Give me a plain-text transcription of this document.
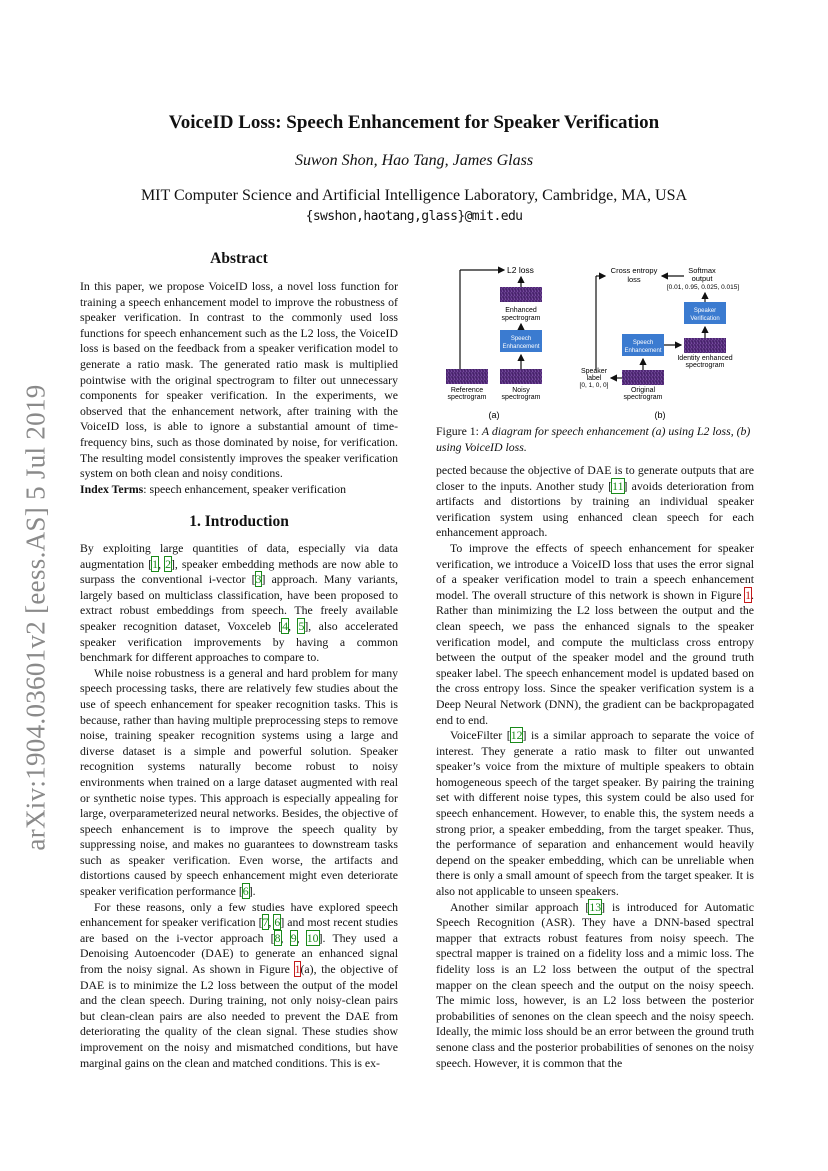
arXiv:1904.03601v2 [eess.AS] 5 Jul 2019
VoiceID Loss: Speech Enhancement for Speaker Verification
Suwon Shon, Hao Tang, James Glass
MIT Computer Science and Artificial Intelligence Laboratory, Cambridge, MA, USA
{swshon,haotang,glass}@mit.edu
Abstract

In this paper, we propose VoiceID loss, a novel loss function for training a speech enhancement model to improve the robustness of speaker verification. In contrast to the commonly used loss functions for speech enhancement such as the L2 loss, the VoiceID loss is based on the feedback from a speaker verification model to generate a ratio mask. The generated ratio mask is multiplied pointwise with the original spectrogram to filter out unnecessary components for speaker verification. In the experiments, we observed that the enhancement network, after training with the VoiceID loss, is able to ignore a substantial amount of time-frequency bins, such as those dominated by noise, for verification. The resulting model consistently improves the speaker verification system on both clean and noisy conditions.

Index Terms: speech enhancement, speaker verification

1. Introduction

By exploiting large quantities of data, especially via data augmentation [1, 2], speaker embedding methods are now able to surpass the conventional i-vector [3] approach. Many variants, largely based on multiclass classification, have been proposed to extract robust embeddings from speech. The freely available speaker recognition dataset, Voxceleb [4, 5], also accelerated speaker verification improvements by having a common benchmark for different approaches to compare to.

While noise robustness is a general and hard problem for many speech processing tasks, there are relatively few studies about the use of speech enhancement for speaker recognition tasks. This is because, rather than having multiple preprocessing steps to remove noise, training speaker recognition systems using a large and diverse dataset is a simple and powerful solution. Speaker recognition systems naturally become robust to noisy environments when trained on a large dataset augmented with real or synthetic noise types. This approach is especially appealing for large, overparameterized neural networks. Besides, the objective of speech enhancement is to improve the speech quality by suppressing noise, and makes no guarantees to downstream tasks such as speaker verification. Even worse, the artifacts and distortions caused by speech enhancement might even deteriorate speaker verification performance [6].

For these reasons, only a few studies have explored speech enhancement for speaker verification [7, 6] and most recent studies are based on the i-vector approach [8, 9, 10]. They used a Denoising Autoencoder (DAE) to generate an enhanced signal from the noisy signal. As shown in Figure 1(a), the objective of DAE is to minimize the L2 loss between the output of the model and the clean speech. During training, not only noisy-clean pairs but clean-clean pairs are also needed to prevent the DAE from deteriorating the quality of the clean signal. These studies show improvement on the noisy and mismatched conditions, but have marginal gains on the clean and matched conditions. This is ex-

L2 loss
Enhanced
spectrogram
Speech
Enhancement
Reference
spectrogram
Noisy
spectrogram
(a)
Cross entropy
loss
Softmax
output
[0.01, 0.95, 0.025, 0.015]
Speaker
Verification
Identity enhanced
spectrogram
Speech
Enhancement
Original
spectrogram
Speaker
label
[0, 1, 0, 0]
(b)
Figure 1: A diagram for speech enhancement (a) using L2 loss, (b) using VoiceID loss.

pected because the objective of DAE is to generate outputs that are closer to the inputs. Another study [11] avoids deterioration from artifacts and distortions by training an individual speaker verification system using enhanced clean speech for each enhancement approach.

To improve the effects of speech enhancement for speaker verification, we introduce a VoiceID loss that uses the error signal of a speaker verification model to train a speech enhancement model. The overall structure of this network is shown in Figure 1. Rather than minimizing the L2 loss between the output and the clean speech, we pass the enhanced signals to the speaker verification model, and compute the multiclass cross entropy between the output of the speaker model and the ground truth speaker label. The speech enhancement model is updated based on the cross entropy loss. Since the speaker verification system is a Deep Neural Network (DNN), the gradient can be backpropagated end to end.

VoiceFilter [12] is a similar approach to separate the voice of interest. They generate a ratio mask to filter out unwanted speaker’s voice from the mixture of multiple speakers to obtain homogeneous speech of the target speaker. By pairing the training set with different noise types, this system could be also used for speech enhancement. However, to enable this, the system needs a strong prior, a speaker embedding, from the target speaker. Thus, the performance of separation and enhancement would heavily depend on the speaker embedding, which can be unreliable when there is only a small amount of speech from the target speaker. It is also not applicable to unseen speakers.

Another similar approach [13] is introduced for Automatic Speech Recognition (ASR). They have a DNN-based spectral mapper that extracts robust features from noisy speech. The spectral mapper is trained on a fidelity loss and a mimic loss. The fidelity loss is an L2 loss between the output of the spectral mapper on the clean speech and the output on the noisy speech. The mimic loss, however, is an L2 loss between the posterior probabilities of senones on the clean speech and the noisy speech. Ideally, the mimic loss should be an error between the ground truth senone class and the posterior probabilities of senones on the noisy speech. However, it is common that the
